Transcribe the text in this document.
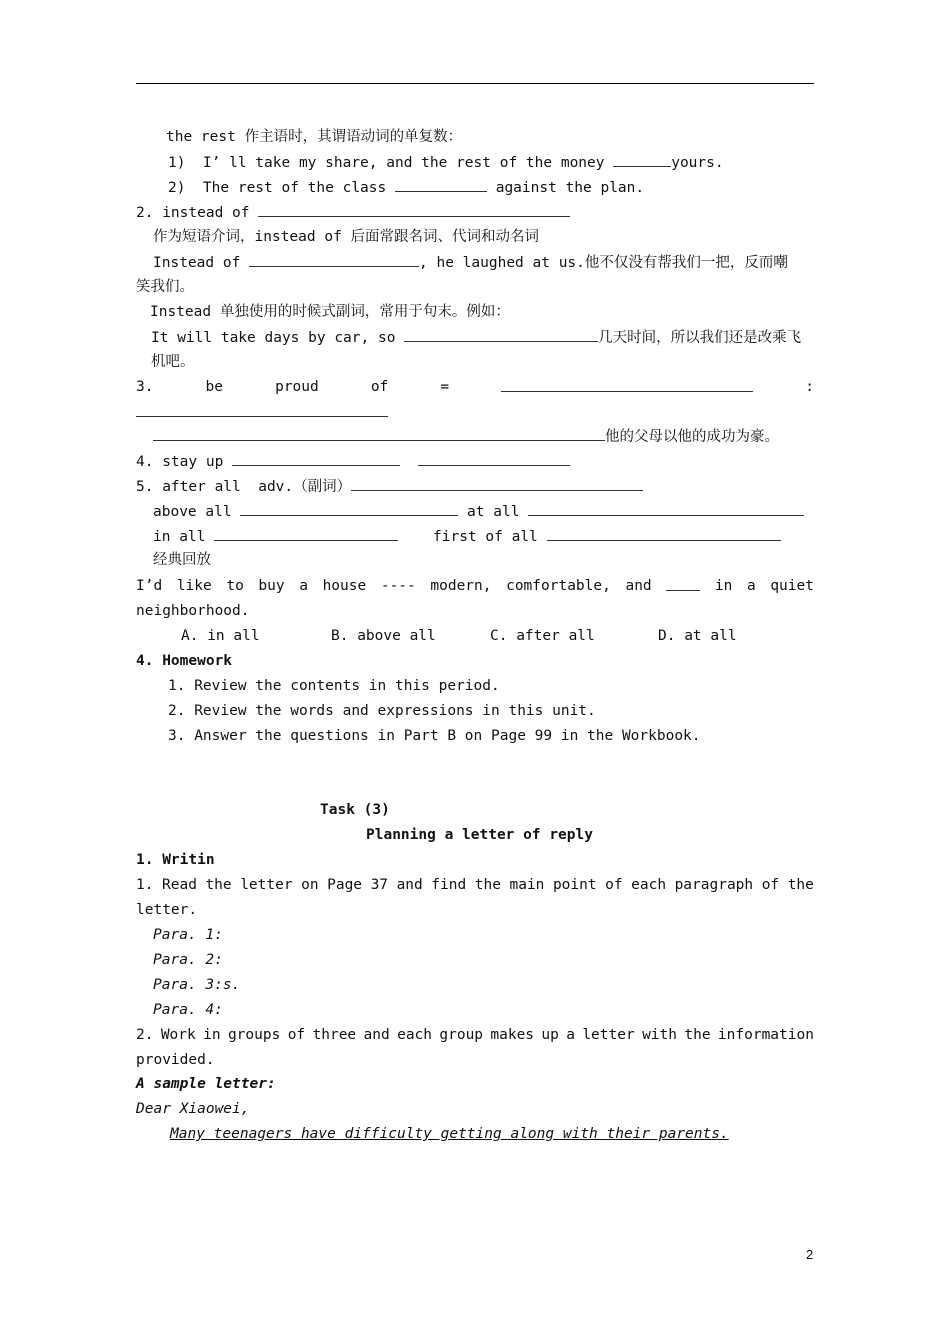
the rest 作主语时，其谓语动词的单复数：
1)  I’ ll take my share, and the rest of the money	yours.
2)  The rest of the class	against the plan.
2. instead of
作为短语介词，instead of 后面常跟名词、代词和动名词
Instead of	, he laughed at us.他不仅没有帮我们一把，反而嘲
笑我们。
Instead 单独使用的时候式副词，常用于句末。例如：
It will take days by car, so	几天时间，所以我们还是改乘飞
机吧。
3.	be	proud	of	=	:
他的父母以他的成功为豪。
4. stay up
5. after all  adv.（副词）
above all	at all
in all	first of all
经典回放
I’d like to buy a house ---- modern, comfortable, and	in a quiet
neighborhood.
A. in all	B. above all	C. after all	D. at all
4. Homework
1. Review the contents in this period.
2. Review the words and expressions in this unit.
3. Answer the questions in Part B on Page 99 in the Workbook.
Task (3)
Planning a letter of reply
1. Writin
1. Read the letter on Page 37 and find the main point of each paragraph of the
letter.
Para. 1:
Para. 2:
Para. 3:s.
Para. 4:
2. Work in groups of three and each group makes up a letter with the information
provided.
A sample letter:
Dear Xiaowei,
Many teenagers have difficulty getting along with their parents.
2
